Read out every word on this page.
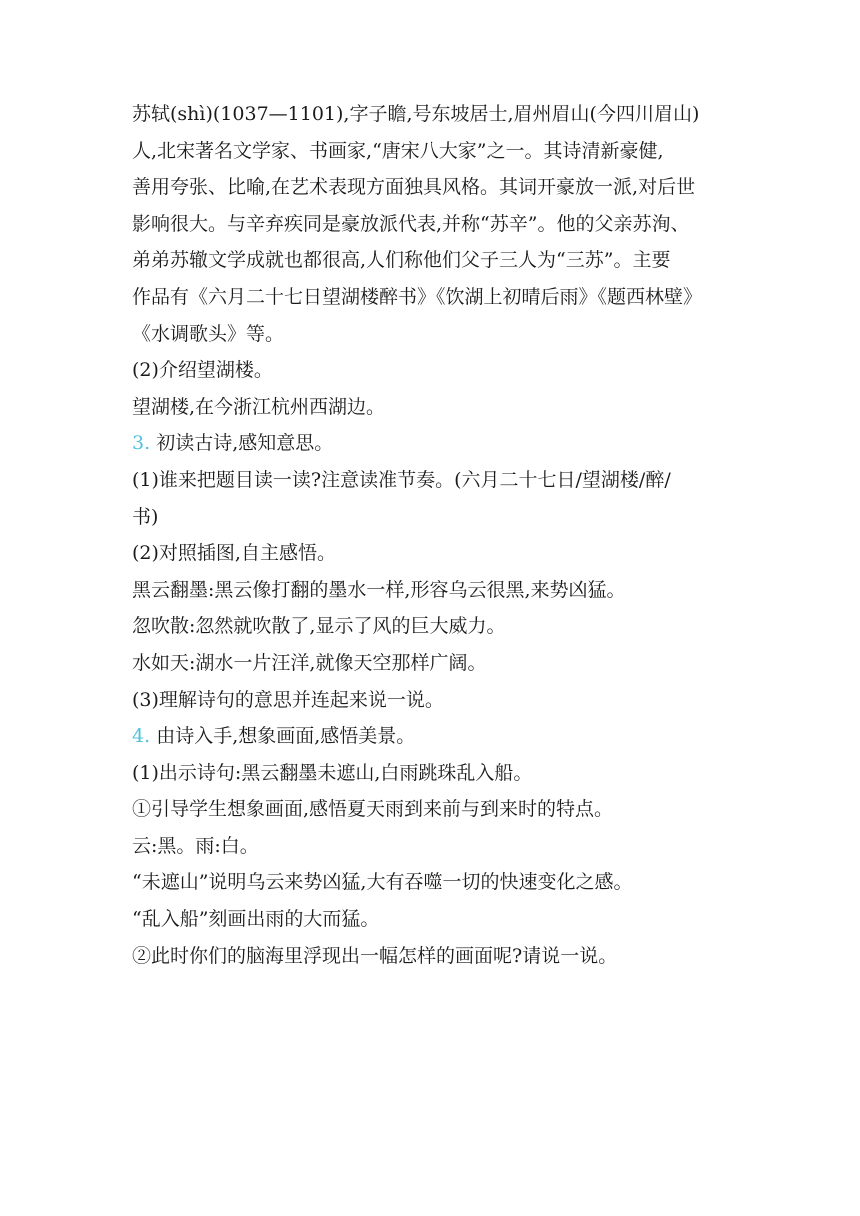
苏轼(shì)(1037—1101),字子瞻,号东坡居士,眉州眉山(今四川眉山)
人,北宋著名文学家、书画家,“唐宋八大家”之一。其诗清新豪健,
善用夸张、比喻,在艺术表现方面独具风格。其词开豪放一派,对后世
影响很大。与辛弃疾同是豪放派代表,并称“苏辛”。他的父亲苏洵、
弟弟苏辙文学成就也都很高,人们称他们父子三人为“三苏”。主要
作品有《六月二十七日望湖楼醉书》《饮湖上初晴后雨》《题西林壁》
《水调歌头》等。
(2)介绍望湖楼。
望湖楼,在今浙江杭州西湖边。
3. 初读古诗,感知意思。
(1)谁来把题目读一读?注意读准节奏。(六月二十七日/望湖楼/醉/
书)
(2)对照插图,自主感悟。
黑云翻墨:黑云像打翻的墨水一样,形容乌云很黑,来势凶猛。
忽吹散:忽然就吹散了,显示了风的巨大威力。
水如天:湖水一片汪洋,就像天空那样广阔。
(3)理解诗句的意思并连起来说一说。
4. 由诗入手,想象画面,感悟美景。
(1)出示诗句:黑云翻墨未遮山,白雨跳珠乱入船。
①引导学生想象画面,感悟夏天雨到来前与到来时的特点。
云:黑。雨:白。
“未遮山”说明乌云来势凶猛,大有吞噬一切的快速变化之感。
“乱入船”刻画出雨的大而猛。
②此时你们的脑海里浮现出一幅怎样的画面呢?请说一说。
